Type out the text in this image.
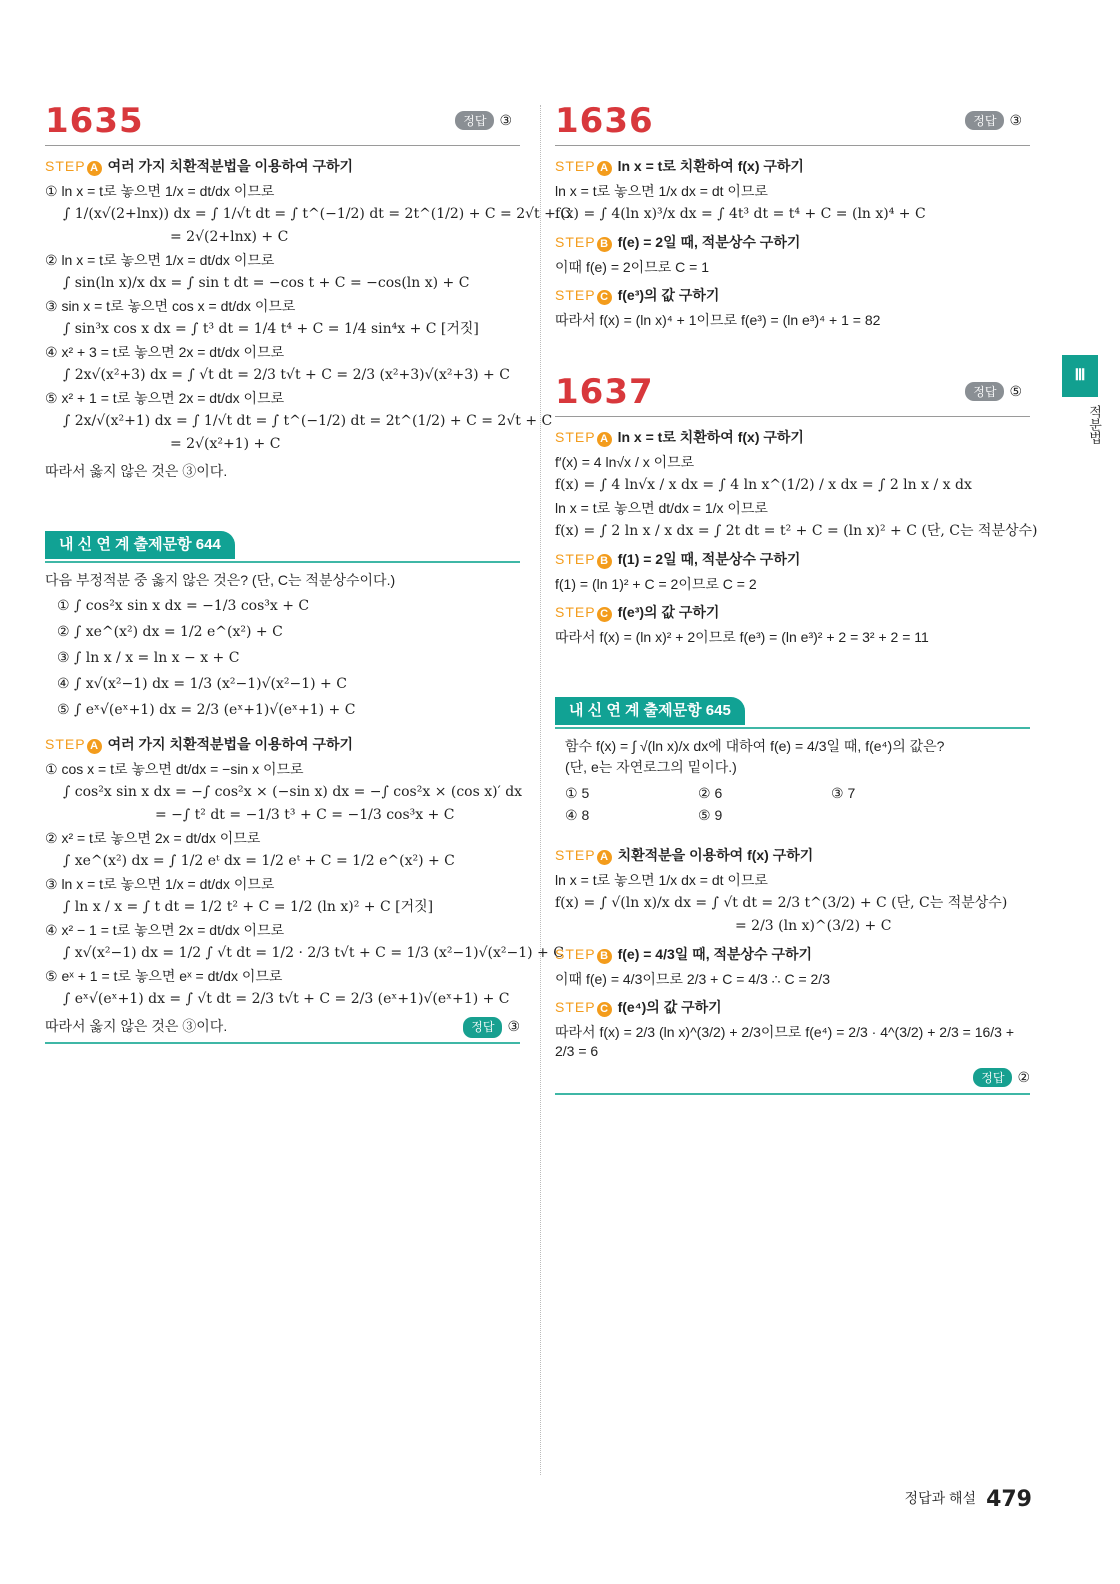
1635	정답 ③
STEP A 여러 가지 치환적분법을 이용하여 구하기
① ln x = t로 놓으면 1/x = dt/dx 이므로
∫ 1/(x√(2+lnx)) dx = ∫ 1/√t dt = ∫ t^(−1/2) dt = 2t^(1/2) + C = 2√t + C
= 2√(2+lnx) + C
② ln x = t로 놓으면 1/x = dt/dx 이므로
∫ sin(ln x)/x dx = ∫ sin t dt = −cos t + C = −cos(ln x) + C
③ sin x = t로 놓으면 cos x = dt/dx 이므로
∫ sin³x cos x dx = ∫ t³ dt = 1/4 t⁴ + C = 1/4 sin⁴x + C [거짓]
④ x² + 3 = t로 놓으면 2x = dt/dx 이므로
∫ 2x√(x²+3) dx = ∫ √t dt = 2/3 t√t + C = 2/3 (x²+3)√(x²+3) + C
⑤ x² + 1 = t로 놓으면 2x = dt/dx 이므로
∫ 2x/√(x²+1) dx = ∫ 1/√t dt = ∫ t^(−1/2) dt = 2t^(1/2) + C = 2√t + C
= 2√(x²+1) + C
따라서 옳지 않은 것은 ③이다.
내 신 연 계 출제문항 644
다음 부정적분 중 옳지 않은 것은? (단, C는 적분상수이다.)
① ∫ cos²x sin x dx = −1/3 cos³x + C
② ∫ xe^(x²) dx = 1/2 e^(x²) + C
③ ∫ ln x / x = ln x − x + C
④ ∫ x√(x²−1) dx = 1/3 (x²−1)√(x²−1) + C
⑤ ∫ eˣ√(eˣ+1) dx = 2/3 (eˣ+1)√(eˣ+1) + C
STEP A 여러 가지 치환적분법을 이용하여 구하기
① cos x = t로 놓으면 dt/dx = −sin x 이므로
∫ cos²x sin x dx = −∫ cos²x × (−sin x) dx = −∫ cos²x × (cos x)′ dx
= −∫ t² dt = −1/3 t³ + C = −1/3 cos³x + C
② x² = t로 놓으면 2x = dt/dx 이므로
∫ xe^(x²) dx = ∫ 1/2 eᵗ dx = 1/2 eᵗ + C = 1/2 e^(x²) + C
③ ln x = t로 놓으면 1/x = dt/dx 이므로
∫ ln x / x = ∫ t dt = 1/2 t² + C = 1/2 (ln x)² + C [거짓]
④ x² − 1 = t로 놓으면 2x = dt/dx 이므로
∫ x√(x²−1) dx = 1/2 ∫ √t dt = 1/2 · 2/3 t√t + C = 1/3 (x²−1)√(x²−1) + C
⑤ eˣ + 1 = t로 놓으면 eˣ = dt/dx 이므로
∫ eˣ√(eˣ+1) dx = ∫ √t dt = 2/3 t√t + C = 2/3 (eˣ+1)√(eˣ+1) + C
따라서 옳지 않은 것은 ③이다.	정답 ③
1636	정답 ③
STEP A ln x = t로 치환하여 f(x) 구하기
ln x = t로 놓으면 1/x dx = dt 이므로
f(x) = ∫ 4(ln x)³/x dx = ∫ 4t³ dt = t⁴ + C = (ln x)⁴ + C
STEP B f(e) = 2일 때, 적분상수 구하기
이때 f(e) = 2이므로 C = 1
STEP C f(e³)의 값 구하기
따라서 f(x) = (ln x)⁴ + 1이므로 f(e³) = (ln e³)⁴ + 1 = 82
1637	정답 ⑤
STEP A ln x = t로 치환하여 f(x) 구하기
f′(x) = 4 ln√x / x 이므로
f(x) = ∫ 4 ln√x / x dx = ∫ 4 ln x^(1/2) / x dx = ∫ 2 ln x / x dx
ln x = t로 놓으면 dt/dx = 1/x 이므로
f(x) = ∫ 2 ln x / x dx = ∫ 2t dt = t² + C = (ln x)² + C (단, C는 적분상수)
STEP B f(1) = 2일 때, 적분상수 구하기
f(1) = (ln 1)² + C = 2이므로 C = 2
STEP C f(e³)의 값 구하기
따라서 f(x) = (ln x)² + 2이므로 f(e³) = (ln e³)² + 2 = 3² + 2 = 11
내 신 연 계 출제문항 645
함수 f(x) = ∫ √(ln x)/x dx에 대하여 f(e) = 4/3일 때, f(e⁴)의 값은?
(단, e는 자연로그의 밑이다.)
① 5	② 6	③ 7
④ 8	⑤ 9
STEP A 치환적분을 이용하여 f(x) 구하기
ln x = t로 놓으면 1/x dx = dt 이므로
f(x) = ∫ √(ln x)/x dx = ∫ √t dt = 2/3 t^(3/2) + C (단, C는 적분상수)
= 2/3 (ln x)^(3/2) + C
STEP B f(e) = 4/3일 때, 적분상수 구하기
이때 f(e) = 4/3이므로 2/3 + C = 4/3 ∴ C = 2/3
STEP C f(e⁴)의 값 구하기
따라서 f(x) = 2/3 (ln x)^(3/2) + 2/3이므로 f(e⁴) = 2/3 · 4^(3/2) + 2/3 = 16/3 + 2/3 = 6
정답 ②
Ⅲ
적분법
정답과 해설 479
